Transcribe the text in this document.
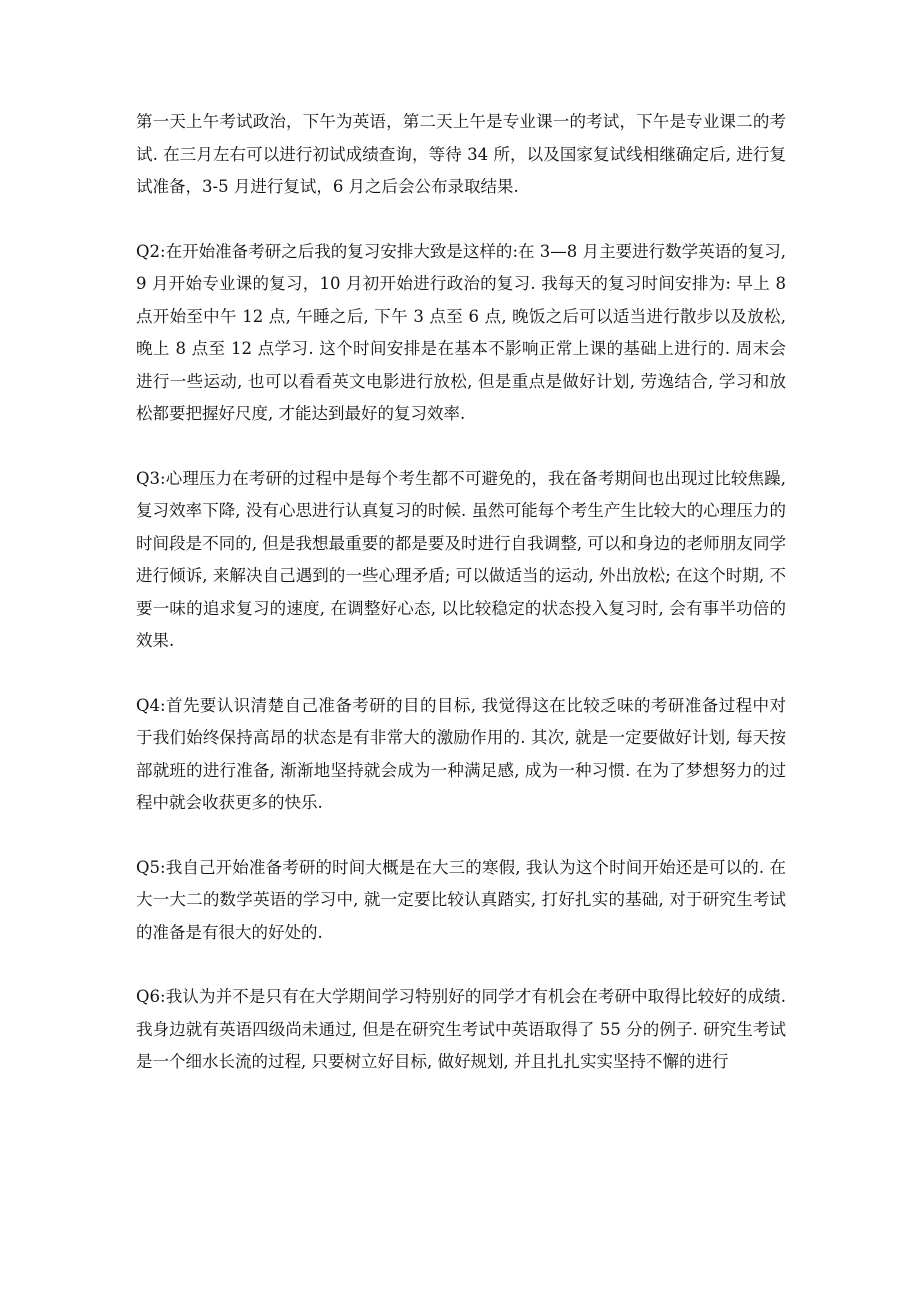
第一天上午考试政治，下午为英语，第二天上午是专业课一的考试，下午是专业课二的考试. 在三月左右可以进行初试成绩查询，等待 34 所，以及国家复试线相继确定后, 进行复试准备，3-5 月进行复试，6 月之后会公布录取结果.

Q2:在开始准备考研之后我的复习安排大致是这样的:在 3—8 月主要进行数学英语的复习, 9 月开始专业课的复习，10 月初开始进行政治的复习. 我每天的复习时间安排为: 早上 8 点开始至中午 12 点, 午睡之后, 下午 3 点至 6 点, 晚饭之后可以适当进行散步以及放松, 晚上 8 点至 12 点学习. 这个时间安排是在基本不影响正常上课的基础上进行的. 周末会进行一些运动, 也可以看看英文电影进行放松, 但是重点是做好计划, 劳逸结合, 学习和放松都要把握好尺度, 才能达到最好的复习效率.

Q3:心理压力在考研的过程中是每个考生都不可避免的，我在备考期间也出现过比较焦躁, 复习效率下降, 没有心思进行认真复习的时候. 虽然可能每个考生产生比较大的心理压力的时间段是不同的, 但是我想最重要的都是要及时进行自我调整, 可以和身边的老师朋友同学进行倾诉, 来解决自己遇到的一些心理矛盾; 可以做适当的运动, 外出放松; 在这个时期, 不要一味的追求复习的速度, 在调整好心态, 以比较稳定的状态投入复习时, 会有事半功倍的效果.

Q4:首先要认识清楚自己准备考研的目的目标, 我觉得这在比较乏味的考研准备过程中对于我们始终保持高昂的状态是有非常大的激励作用的. 其次, 就是一定要做好计划, 每天按部就班的进行准备, 渐渐地坚持就会成为一种满足感, 成为一种习惯. 在为了梦想努力的过程中就会收获更多的快乐.

Q5:我自己开始准备考研的时间大概是在大三的寒假, 我认为这个时间开始还是可以的. 在大一大二的数学英语的学习中, 就一定要比较认真踏实, 打好扎实的基础, 对于研究生考试的准备是有很大的好处的.

Q6:我认为并不是只有在大学期间学习特别好的同学才有机会在考研中取得比较好的成绩. 我身边就有英语四级尚未通过, 但是在研究生考试中英语取得了 55 分的例子. 研究生考试是一个细水长流的过程, 只要树立好目标, 做好规划, 并且扎扎实实坚持不懈的进行
